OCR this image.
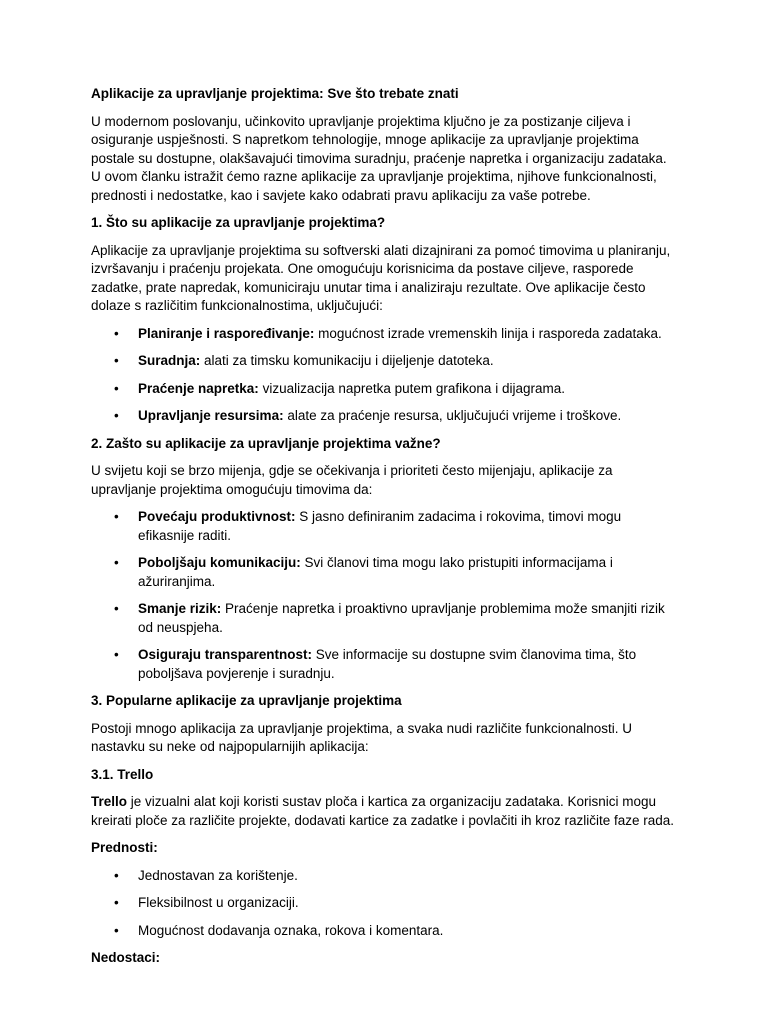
Aplikacije za upravljanje projektima: Sve što trebate znati

U modernom poslovanju, učinkovito upravljanje projektima ključno je za postizanje ciljeva i osiguranje uspješnosti. S napretkom tehnologije, mnoge aplikacije za upravljanje projektima postale su dostupne, olakšavajući timovima suradnju, praćenje napretka i organizaciju zadataka. U ovom članku istražit ćemo razne aplikacije za upravljanje projektima, njihove funkcionalnosti, prednosti i nedostatke, kao i savjete kako odabrati pravu aplikaciju za vaše potrebe.

1. Što su aplikacije za upravljanje projektima?

Aplikacije za upravljanje projektima su softverski alati dizajnirani za pomoć timovima u planiranju, izvršavanju i praćenju projekata. One omogućuju korisnicima da postave ciljeve, rasporede zadatke, prate napredak, komuniciraju unutar tima i analiziraju rezultate. Ove aplikacije često dolaze s različitim funkcionalnostima, uključujući:

• Planiranje i raspoređivanje: mogućnost izrade vremenskih linija i rasporeda zadataka.
• Suradnja: alati za timsku komunikaciju i dijeljenje datoteka.
• Praćenje napretka: vizualizacija napretka putem grafikona i dijagrama.
• Upravljanje resursima: alate za praćenje resursa, uključujući vrijeme i troškove.
2. Zašto su aplikacije za upravljanje projektima važne?

U svijetu koji se brzo mijenja, gdje se očekivanja i prioriteti često mijenjaju, aplikacije za upravljanje projektima omogućuju timovima da:

• Povećaju produktivnost: S jasno definiranim zadacima i rokovima, timovi mogu efikasnije raditi.
• Poboljšaju komunikaciju: Svi članovi tima mogu lako pristupiti informacijama i ažuriranjima.
• Smanje rizik: Praćenje napretka i proaktivno upravljanje problemima može smanjiti rizik od neuspjeha.
• Osiguraju transparentnost: Sve informacije su dostupne svim članovima tima, što poboljšava povjerenje i suradnju.
3. Popularne aplikacije za upravljanje projektima

Postoji mnogo aplikacija za upravljanje projektima, a svaka nudi različite funkcionalnosti. U nastavku su neke od najpopularnijih aplikacija:

3.1. Trello

Trello je vizualni alat koji koristi sustav ploča i kartica za organizaciju zadataka. Korisnici mogu kreirati ploče za različite projekte, dodavati kartice za zadatke i povlačiti ih kroz različite faze rada.

Prednosti:
• Jednostavan za korištenje.
• Fleksibilnost u organizaciji.
• Mogućnost dodavanja oznaka, rokova i komentara.
Nedostaci:
